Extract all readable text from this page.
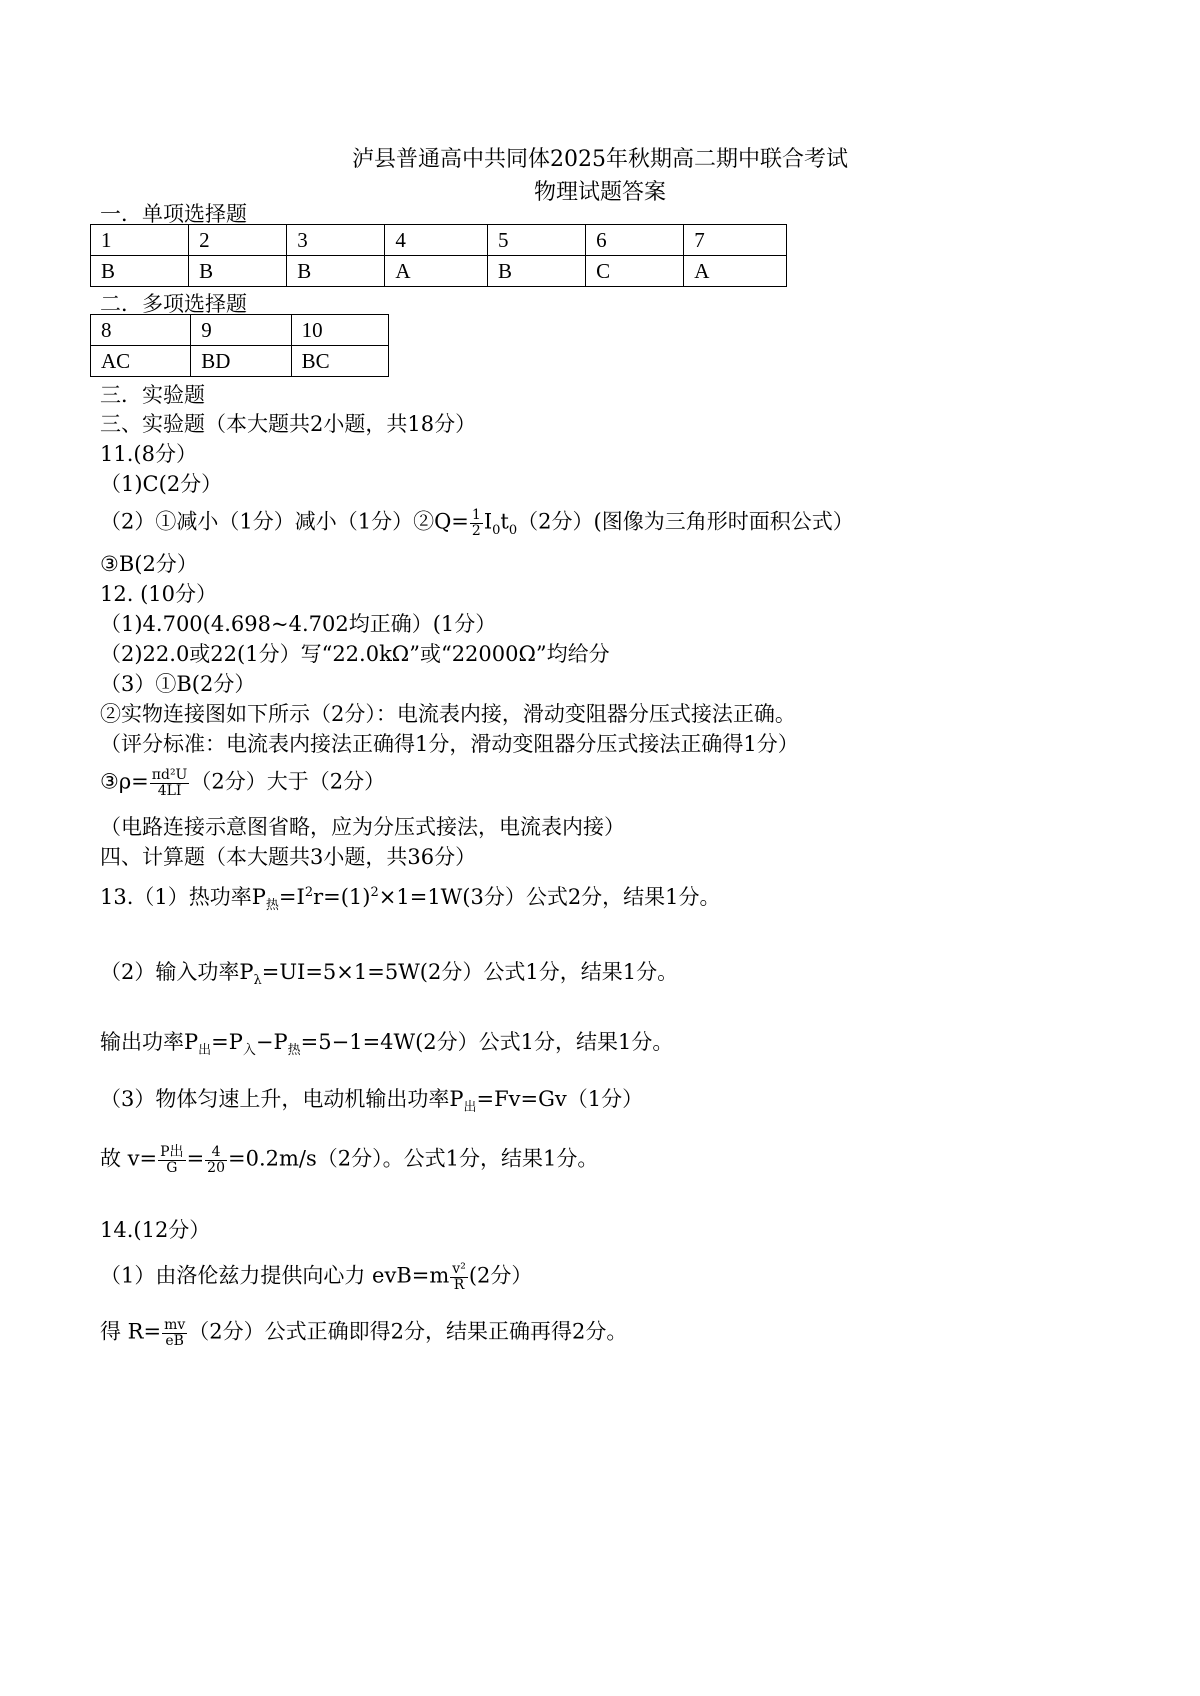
泸县普通高中共同体2025年秋期高二期中联合考试
物理试题答案
一．单项选择题
1	2	3	4	5	6	7
B	B	B	A	B	C	A
二．多项选择题
8	9	10
AC	BD	BC
三．实验题
三、实验题（本大题共2小题，共18分）
11.(8分）
（1)C(2分）
（2）①减小（1分）减小（1分）②Q= $\frac{1}{2} I_0t_0(2$分）(图像为三角形时面积公式）
③B(2分）
12. (10分）
（1)4.700(4.698~4.702均正确）(1分）
（2)22.0或22(1分）写“22.0kΩ”或“22000Ω”均给分
（3）①B(2分）
②实物连接图如下所示（2分）：电流表内接，滑动变阻器分压式接法正确。
（评分标准：电流表内接法正确得1分，滑动变阻器分压式接法正确得1分）
③ρ= $\frac{\text{πd²U}}{4LI} (2$分）大于（2分）
（电路连接示意图省略，应为分压式接法，电流表内接）
四、计算题（本大题共3小题，共36分）
13.（1）热功率$P_热=I^2r=(1)^2\times 1=1W(3$分）公式2分，结果1分。
（2）输入功率$P_\lambda=UI=5\times 1=5W(2$分）公式1分，结果1分。
输出功率$P_出=P_入-P_热=5-1=4W(2$分）公式1分，结果1分。
（3）物体匀速上升，电动机输出功率$P_出=Fv=Gv(1$分）
故 $v= \frac{\text{P出}}{G} = \frac{4}{20} =0.2m/s(2$分）。公式1分，结果1分。
14.(12分）
（1）由洛伦兹力提供向心力 $evB=m \frac{\text{v²}}{R} (2$分）
得 $R= \frac{mv}{eB} (2$分）公式正确即得2分，结果正确再得2分。
